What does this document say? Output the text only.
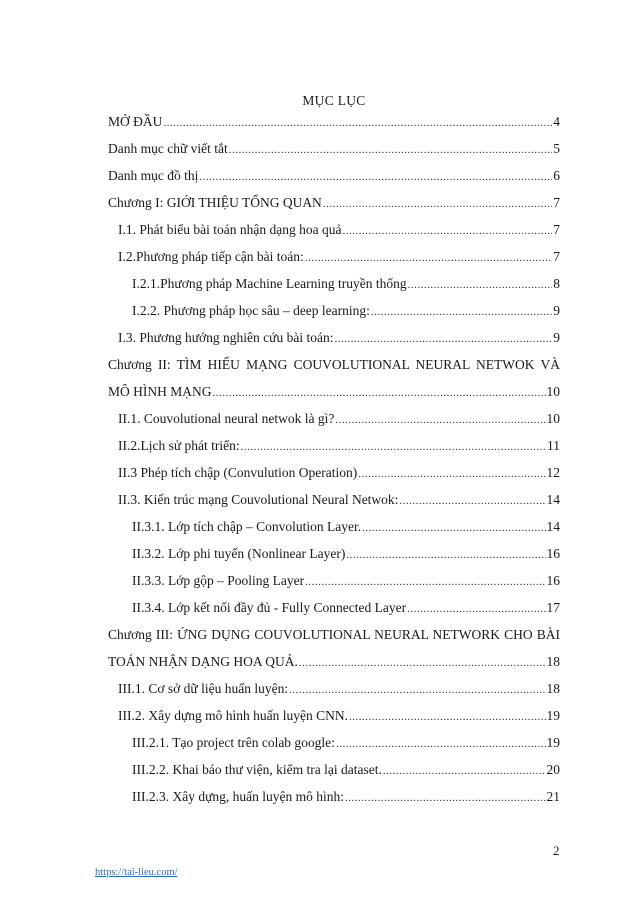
MỤC LỤC
MỞ ĐẦU .....	4
Danh mục chữ viết tắt .....	5
Danh mục đồ thị .....	6
Chương I: GIỚI THIỆU TỔNG QUAN .....	7
I.1. Phát biểu bài toán nhận dạng hoa quả .....	7
I.2.Phương pháp tiếp cận bài toán: .....	7
I.2.1.Phương pháp Machine Learning truyền thống .....	8
I.2.2. Phương pháp học sâu – deep learning: .....	9
I.3. Phương hướng nghiên cứu bài toán: .....	9
Chương II: TÌM HIỂU MẠNG COUVOLUTIONAL NEURAL NETWOK VÀ
MÔ HÌNH MẠNG .....	10
II.1. Couvolutional neural netwok là gì? .....	10
II.2.Lịch sử phát triển: .....	11
II.3 Phép tích chập (Convulution Operation) .....	12
II.3. Kiến trúc mạng Couvolutional Neural Netwok: .....	14
II.3.1. Lớp tích chập – Convolution Layer. .....	14
II.3.2. Lớp phi tuyến (Nonlinear Layer) .....	16
II.3.3. Lớp gộp – Pooling Layer .....	16
II.3.4. Lớp kết nối đầy đủ - Fully Connected Layer .....	17
Chương III: ỨNG DỤNG COUVOLUTIONAL NEURAL NETWORK CHO BÀI
TOÁN NHẬN DẠNG HOA QUẢ. .....	18
III.1. Cơ sở dữ liệu huấn luyện: .....	18
III.2. Xây dựng mô hình huấn luyện CNN. .....	19
III.2.1. Tạo project trên colab google: .....	19
III.2.2. Khai báo thư viện, kiểm tra lại dataset. .....	20
III.2.3. Xây dựng, huấn luyện mô hình: .....	21
2
https://tai-lieu.com/
